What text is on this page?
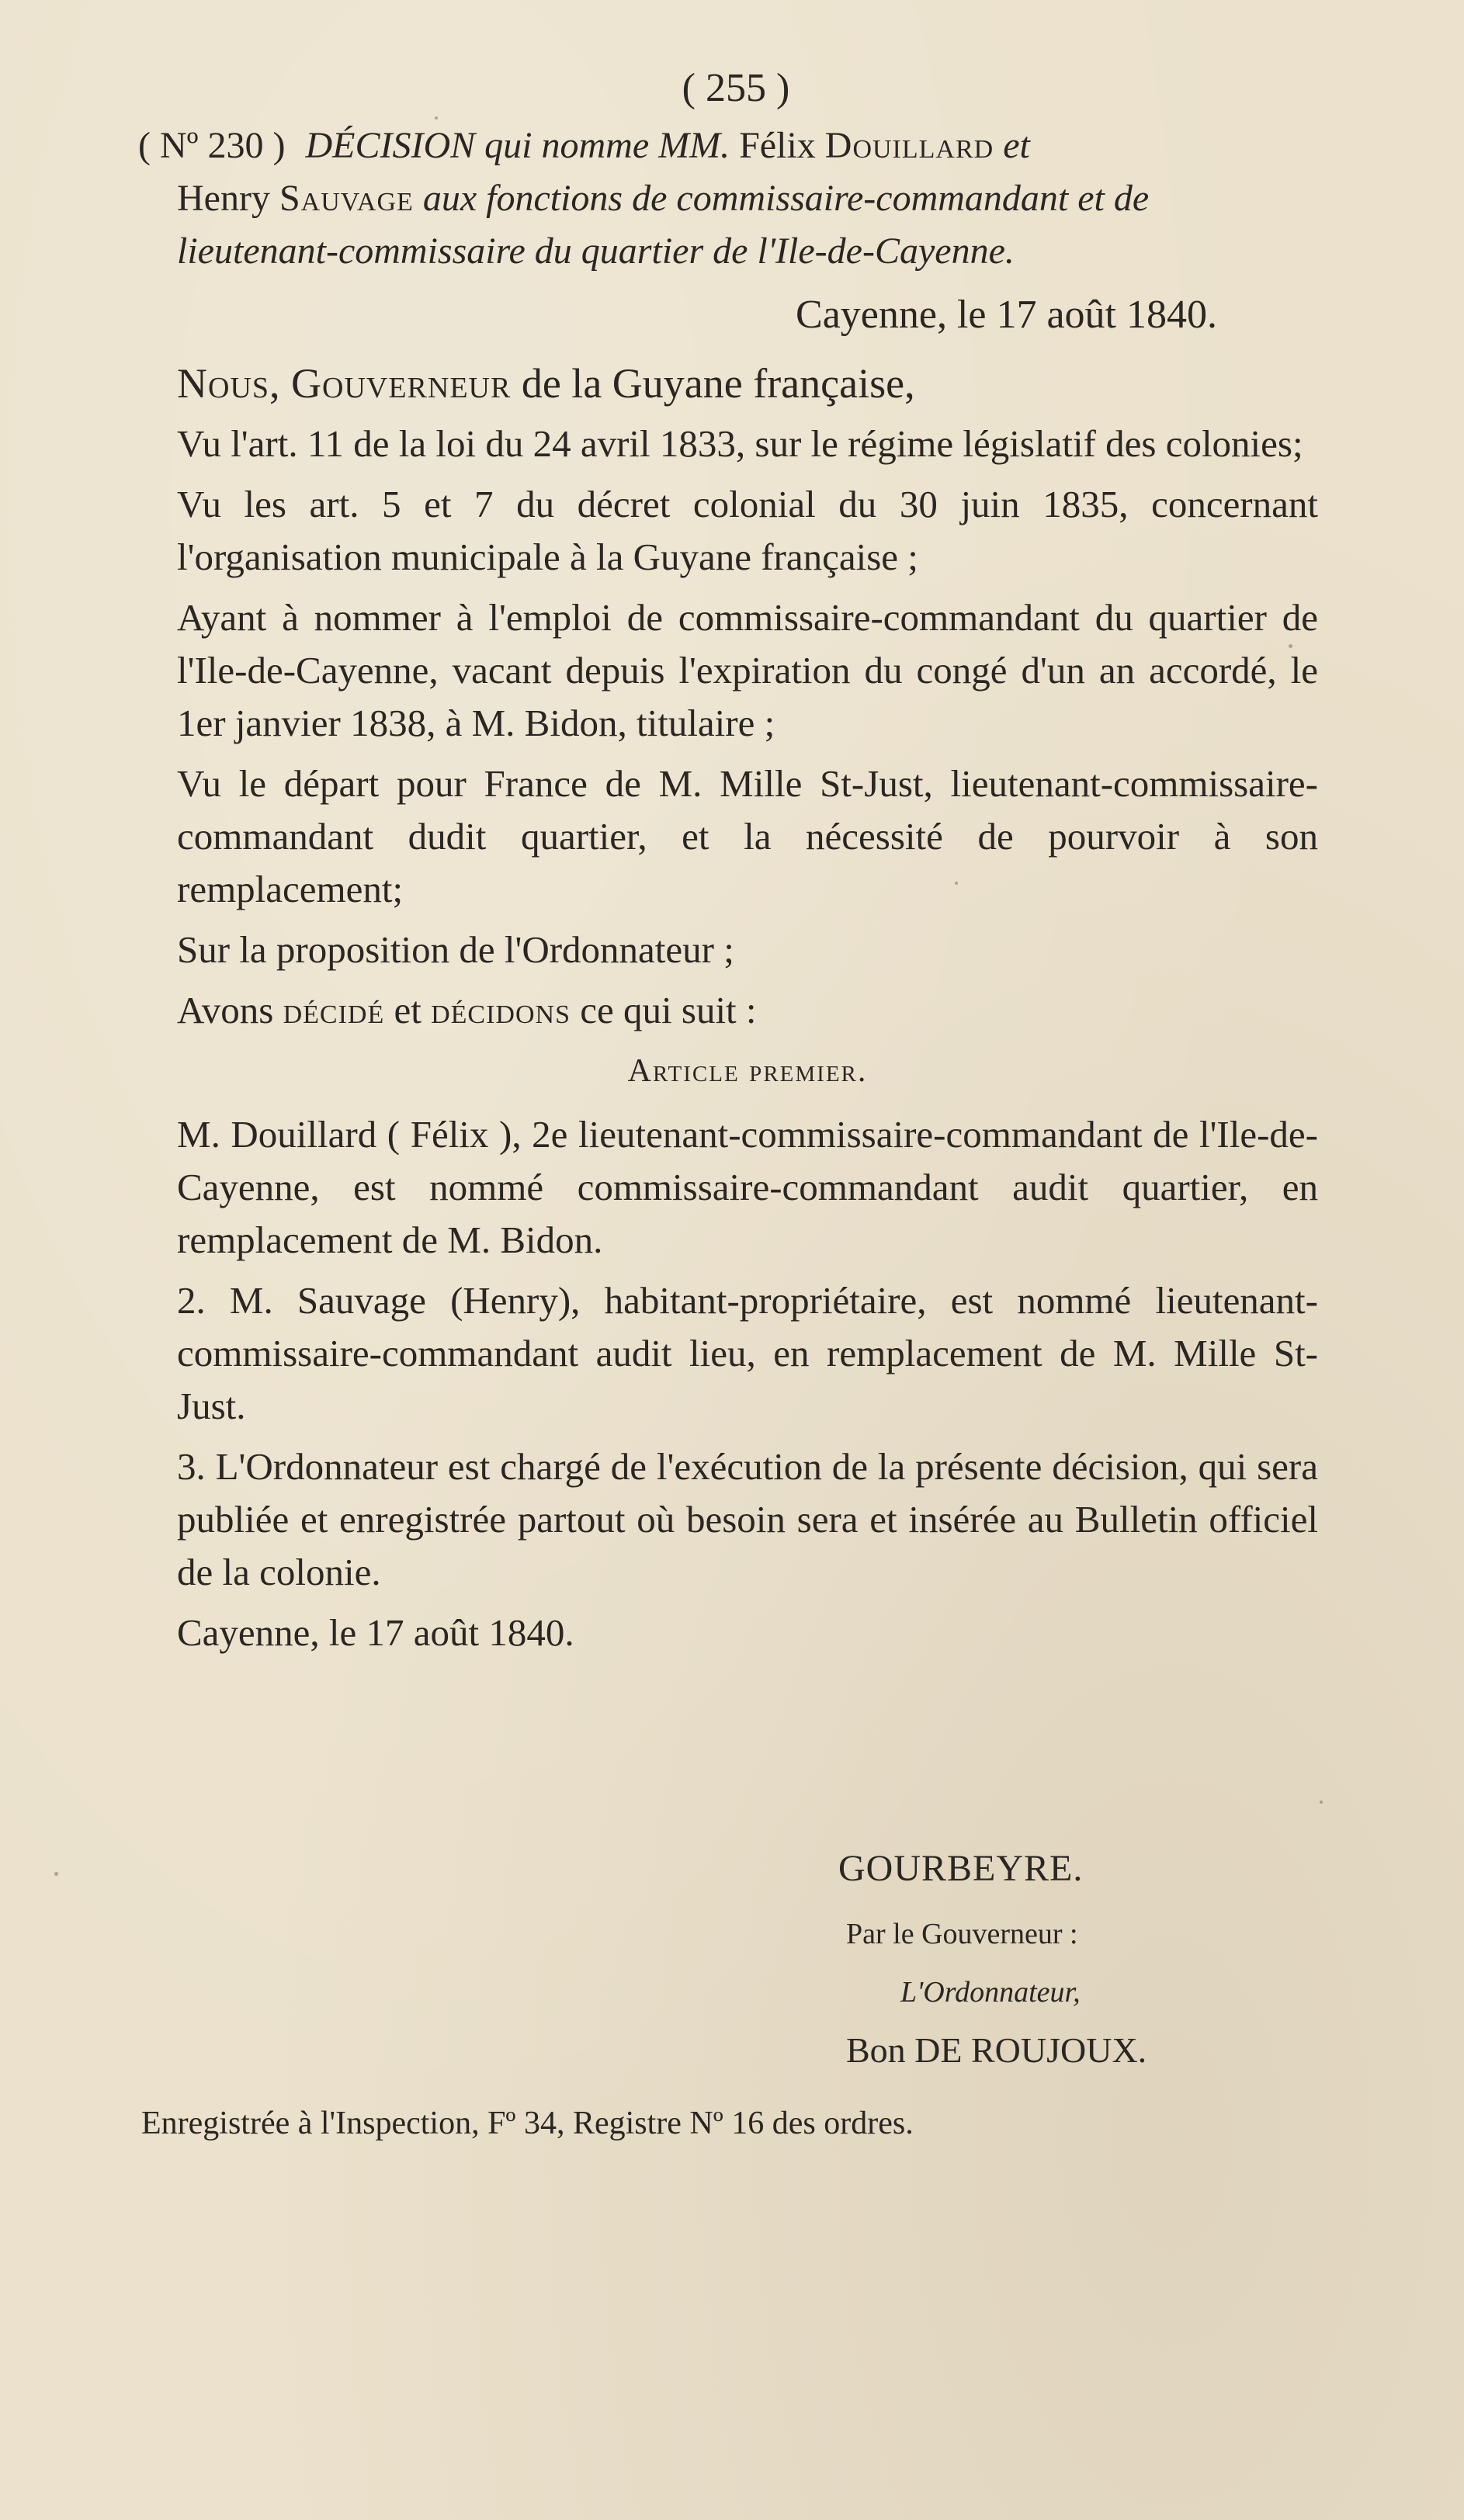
( 255 )
( Nº 230 ) DÉCISION qui nomme MM. Félix Douillard et
Henry Sauvage aux fonctions de commissaire-commandant et de lieutenant-commissaire du quartier de l'Ile-de-Cayenne.
Cayenne, le 17 août 1840.
Nous, Gouverneur de la Guyane française,

Vu l'art. 11 de la loi du 24 avril 1833, sur le régime législatif des colonies;

Vu les art. 5 et 7 du décret colonial du 30 juin 1835, concernant l'organisation municipale à la Guyane française ;

Ayant à nommer à l'emploi de commissaire-commandant du quartier de l'Ile-de-Cayenne, vacant depuis l'expiration du congé d'un an accordé, le 1er janvier 1838, à M. Bidon, titulaire ;

Vu le départ pour France de M. Mille St-Just, lieutenant-commissaire-commandant dudit quartier, et la nécessité de pourvoir à son remplacement;

Sur la proposition de l'Ordonnateur ;

Avons décidé et décidons ce qui suit :

Article premier.

M. Douillard ( Félix ), 2e lieutenant-commissaire-commandant de l'Ile-de-Cayenne, est nommé commissaire-commandant audit quartier, en remplacement de M. Bidon.

2. M. Sauvage (Henry), habitant-propriétaire, est nommé lieutenant-commissaire-commandant audit lieu, en remplacement de M. Mille St-Just.

3. L'Ordonnateur est chargé de l'exécution de la présente décision, qui sera publiée et enregistrée partout où besoin sera et insérée au Bulletin officiel de la colonie.

Cayenne, le 17 août 1840.
GOURBEYRE.
Par le Gouverneur :
L'Ordonnateur,
Bon DE ROUJOUX.
Enregistrée à l'Inspection, Fº 34, Registre Nº 16 des ordres.
